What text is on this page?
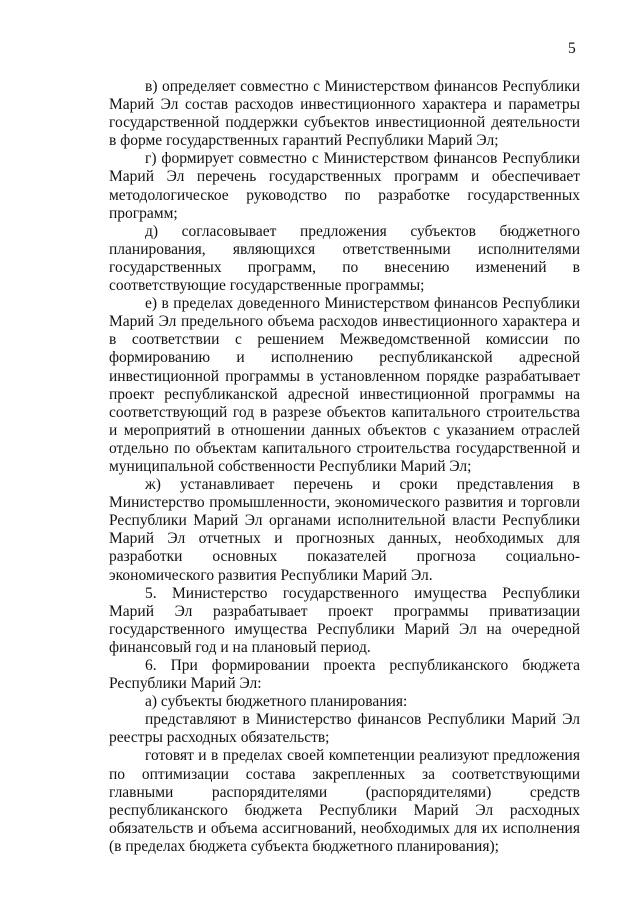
5

в) определяет совместно с Министерством финансов Республики Марий Эл состав расходов инвестиционного характера и параметры государственной поддержки субъектов инвестиционной деятельности в форме государственных гарантий Республики Марий Эл;

г) формирует совместно с Министерством финансов Республики Марий Эл перечень государственных программ и обеспечивает методологическое руководство по разработке государственных программ;

д) согласовывает предложения субъектов бюджетного планирования, являющихся ответственными исполнителями государственных программ, по внесению изменений в соответствующие государственные программы;

е) в пределах доведенного Министерством финансов Республики Марий Эл предельного объема расходов инвестиционного характера и в соответствии с решением Межведомственной комиссии по формированию и исполнению республиканской адресной инвестиционной программы в установленном порядке разрабатывает проект республиканской адресной инвестиционной программы на соответствующий год в разрезе объектов капитального строительства и мероприятий в отношении данных объектов с указанием отраслей отдельно по объектам капитального строительства государственной и муниципальной собственности Республики Марий Эл;

ж) устанавливает перечень и сроки представления в Министерство промышленности, экономического развития и торговли Республики Марий Эл органами исполнительной власти Республики Марий Эл отчетных и прогнозных данных, необходимых для разработки основных показателей прогноза социально-экономического развития Республики Марий Эл.

5. Министерство государственного имущества Республики Марий Эл разрабатывает проект программы приватизации государственного имущества Республики Марий Эл на очередной финансовый год и на плановый период.

6. При формировании проекта республиканского бюджета Республики Марий Эл:

а) субъекты бюджетного планирования:

представляют в Министерство финансов Республики Марий Эл реестры расходных обязательств;

готовят и в пределах своей компетенции реализуют предложения по оптимизации состава закрепленных за соответствующими главными распорядителями (распорядителями) средств республиканского бюджета Республики Марий Эл расходных обязательств и объема ассигнований, необходимых для их исполнения (в пределах бюджета субъекта бюджетного планирования);
